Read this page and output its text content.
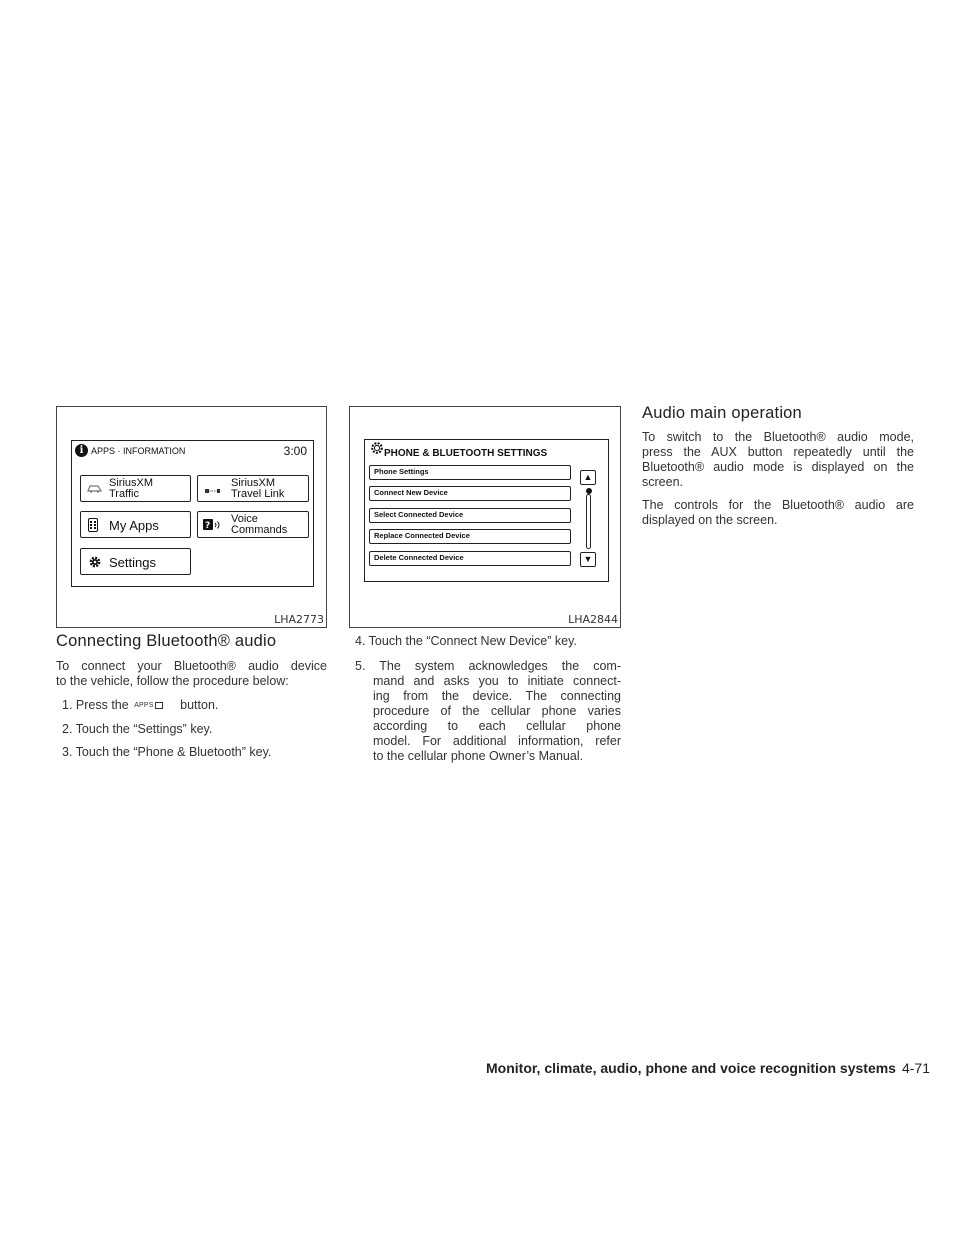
i APPS · INFORMATION	3:00
SiriusXM
Traffic
SiriusXM
Travel Link
My Apps	?
Voice
Commands
Settings
LHA2773
PHONE & BLUETOOTH SETTINGS
Phone Settings
Connect New Device
Select Connected Device
Replace Connected Device
Delete Connected Device
▲
▼
LHA2844
Connecting Bluetooth® audio
To connect your Bluetooth® audio device
to the vehicle, follow the procedure below:
1. Press the APPS button.
2. Touch the “Settings” key.
3. Touch the “Phone & Bluetooth” key.
4. Touch the “Connect New Device” key.
5. The system acknowledges the com-
mand and asks you to initiate connect-
ing from the device. The connecting
procedure of the cellular phone varies
according to each cellular phone
model. For additional information, refer
to the cellular phone Owner’s Manual.
Audio main operation
To switch to the Bluetooth® audio mode,
press the AUX button repeatedly until the
Bluetooth® audio mode is displayed on the
screen.
The controls for the Bluetooth® audio are
displayed on the screen.
Monitor, climate, audio, phone and voice recognition systems 4-71
